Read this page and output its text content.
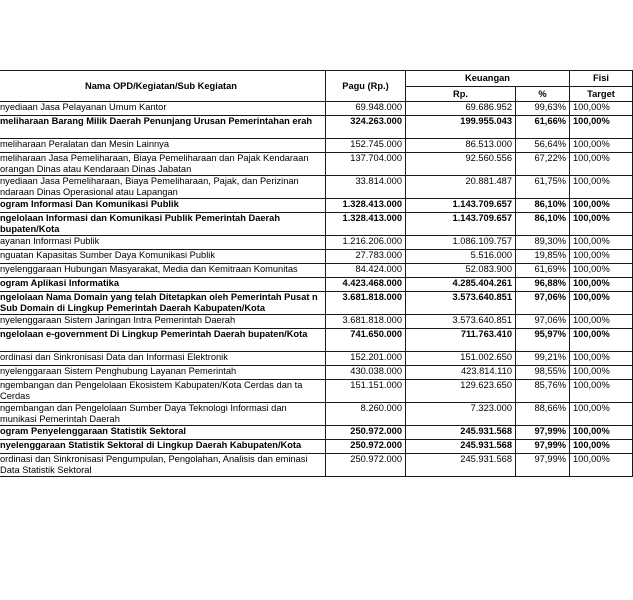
Nama OPD/Kegiatan/Sub Kegiatan	Pagu (Rp.)	Keuangan		Fisi
		Rp.	%	Target
nyediaan Jasa Pelayanan Umum Kantor	69.948.000	69.686.952	99,63%	100,00%
meliharaan Barang Milik Daerah Penunjang Urusan Pemerintahan erah	324.263.000	199.955.043	61,66%	100,00%
meliharaan Peralatan dan Mesin Lainnya	152.745.000	86.513.000	56,64%	100,00%
meliharaan Jasa Pemeliharaan, Biaya Pemeliharaan dan Pajak Kendaraan orangan Dinas atau Kendaraan Dinas Jabatan	137.704.000	92.560.556	67,22%	100,00%
nyediaan Jasa Pemeliharaan, Biaya Pemeliharaan, Pajak, dan Perizinan ndaraan Dinas Operasional atau Lapangan	33.814.000	20.881.487	61,75%	100,00%
ogram Informasi Dan Komunikasi Publik	1.328.413.000	1.143.709.657	86,10%	100,00%
ngelolaan Informasi dan Komunikasi Publik Pemerintah Daerah bupaten/Kota	1.328.413.000	1.143.709.657	86,10%	100,00%
ayanan Informasi Publik	1.216.206.000	1.086.109.757	89,30%	100,00%
nguatan Kapasitas Sumber Daya Komunikasi Publik	27.783.000	5.516.000	19,85%	100,00%
nyelenggaraan Hubungan Masyarakat, Media dan Kemitraan Komunitas	84.424.000	52.083.900	61,69%	100,00%
ogram Aplikasi Informatika	4.423.468.000	4.285.404.261	96,88%	100,00%
ngelolaan Nama Domain yang telah Ditetapkan oleh Pemerintah Pusat n Sub Domain di Lingkup Pemerintah Daerah Kabupaten/Kota	3.681.818.000	3.573.640.851	97,06%	100,00%
nyelenggaraan Sistem Jaringan Intra Pemerintah Daerah	3.681.818.000	3.573.640.851	97,06%	100,00%
ngelolaan e-government Di Lingkup Pemerintah Daerah bupaten/Kota	741.650.000	711.763.410	95,97%	100,00%
ordinasi dan Sinkronisasi Data dan Informasi Elektronik	152.201.000	151.002.650	99,21%	100,00%
nyelenggaraan Sistem Penghubung Layanan Pemerintah	430.038.000	423.814.110	98,55%	100,00%
ngembangan dan Pengelolaan Ekosistem Kabupaten/Kota Cerdas dan ta Cerdas	151.151.000	129.623.650	85,76%	100,00%
ngembangan dan Pengelolaan Sumber Daya Teknologi Informasi dan munikasi Pemerintah Daerah	8.260.000	7.323.000	88,66%	100,00%
ogram Penyelenggaraan Statistik Sektoral	250.972.000	245.931.568	97,99%	100,00%
nyelenggaraan Statistik Sektoral di Lingkup Daerah Kabupaten/Kota	250.972.000	245.931.568	97,99%	100,00%
ordinasi dan Sinkronisasi Pengumpulan, Pengolahan, Analisis dan eminasi Data Statistik Sektoral	250.972.000	245.931.568	97,99%	100,00%
